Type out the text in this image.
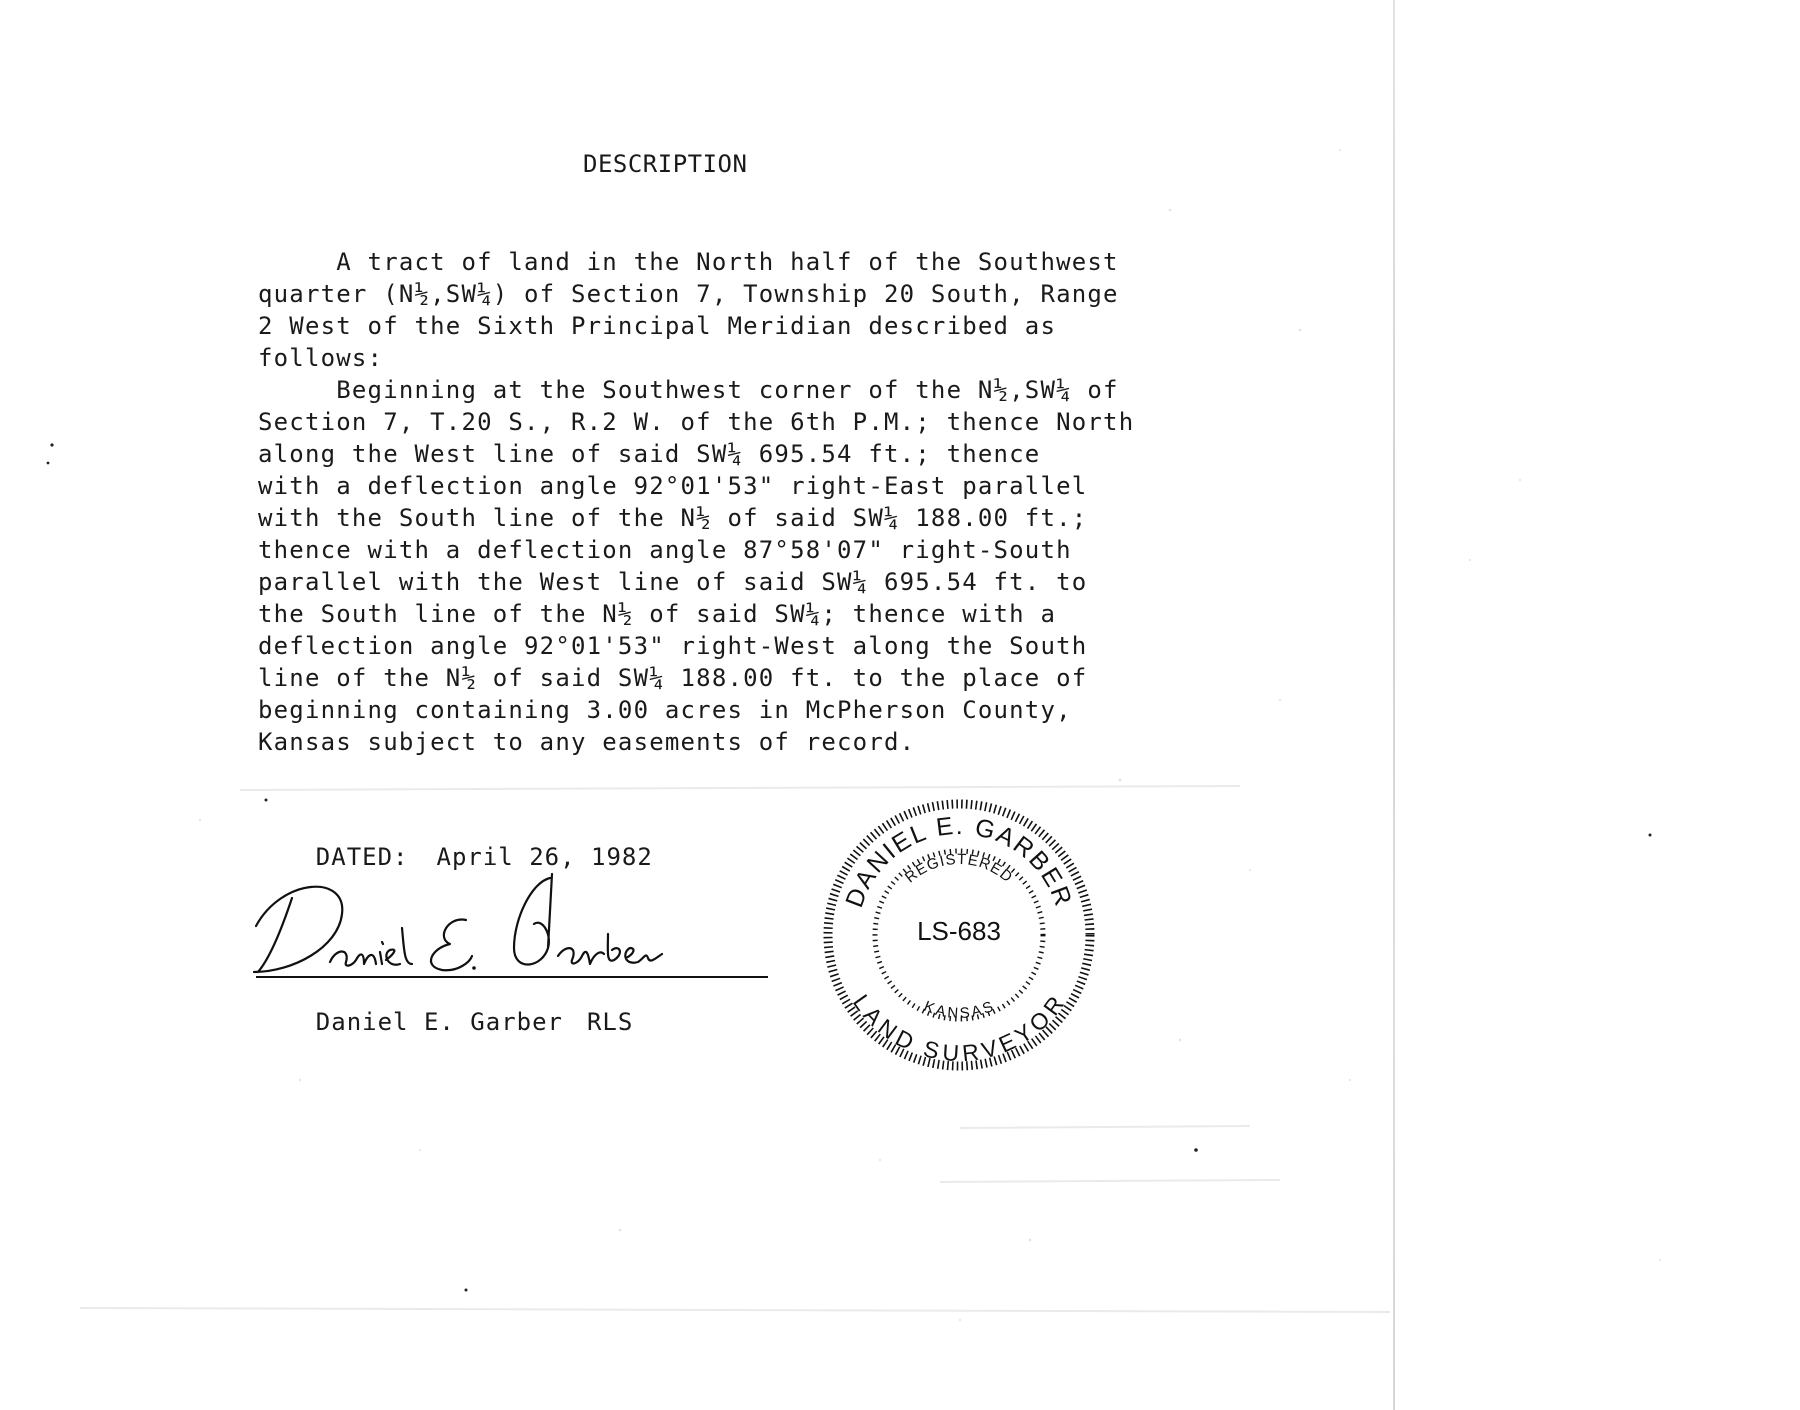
DESCRIPTION
A tract of land in the North half of the Southwest
quarter (N½,SW¼) of Section 7, Township 20 South, Range
2 West of the Sixth Principal Meridian described as
follows:
Beginning at the Southwest corner of the N½,SW¼ of
Section 7, T.20 S., R.2 W. of the 6th P.M.; thence North
along the West line of said SW¼ 695.54 ft.; thence
with a deflection angle 92°01'53" right-East parallel
with the South line of the N½ of said SW¼ 188.00 ft.;
thence with a deflection angle 87°58'07" right-South
parallel with the West line of said SW¼ 695.54 ft. to
the South line of the N½ of said SW¼; thence with a
deflection angle 92°01'53" right-West along the South
line of the N½ of said SW¼ 188.00 ft. to the place of
beginning containing 3.00 acres in McPherson County,
Kansas subject to any easements of record.

DATED: April 26, 1982

Daniel E. Garber RLS

DANIEL E. GARBER
LAND SURVEYOR
REGISTERED
KANSAS
LS-683
